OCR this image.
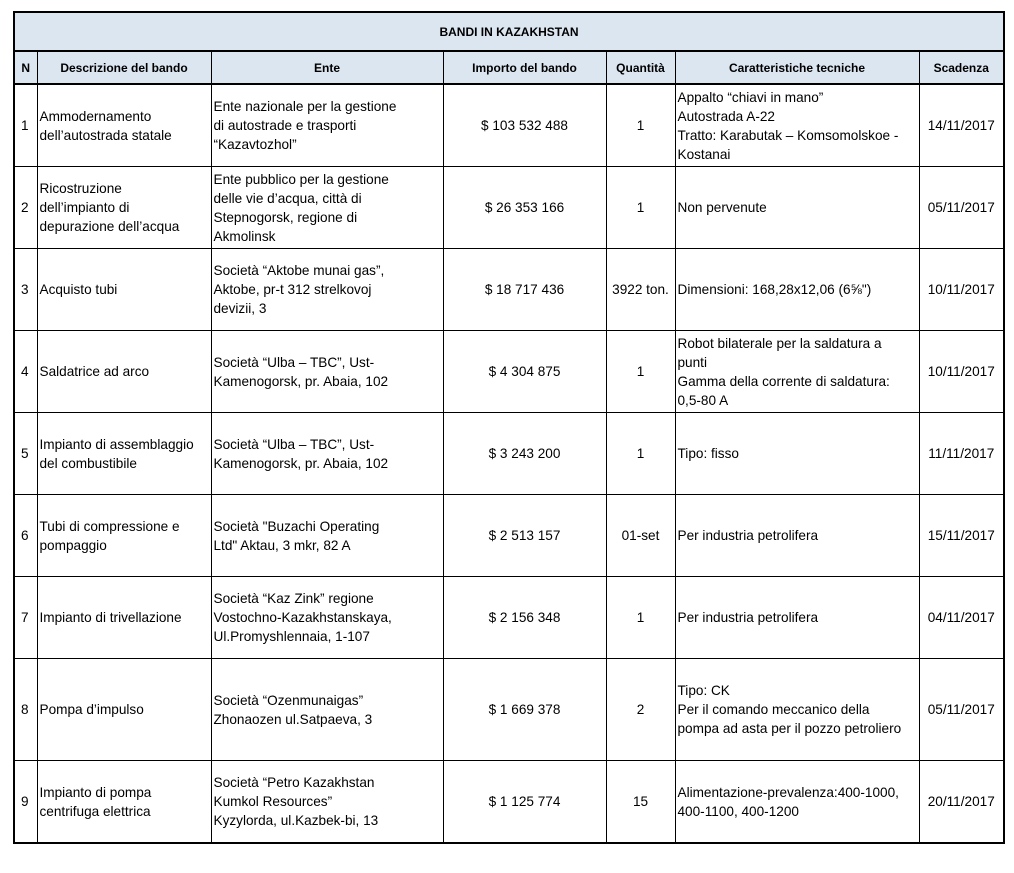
BANDI IN KAZAKHSTAN						
N	Descrizione del bando	Ente	Importo del bando	Quantità	Caratteristiche tecniche	Scadenza
1	Ammodernamento
dell’autostrada statale	Ente nazionale per la gestione
di autostrade e trasporti
“Kazavtozhol”	$ 103 532 488	1	Appalto “chiavi in mano”
Autostrada A-22
Tratto: Karabutak – Komsomolskoe -
Kostanai	14/11/2017
2	Ricostruzione
dell’impianto di
depurazione dell’acqua	Ente pubblico per la gestione
delle vie d’acqua, città di
Stepnogorsk, regione di
Akmolinsk	$ 26 353 166	1	Non pervenute	05/11/2017
3	Acquisto tubi	Società “Aktobe munai gas”,
Aktobe, pr-t 312 strelkovoj
devizii, 3	$ 18 717 436	3922 ton.	Dimensioni: 168,28x12,06 (6⅝")	10/11/2017
4	Saldatrice ad arco	Società “Ulba – TBC”, Ust-
Kamenogorsk, pr. Abaia, 102	$ 4 304 875	1	Robot bilaterale per la saldatura a
punti
Gamma della corrente di saldatura:
0,5-80 A	10/11/2017
5	Impianto di assemblaggio
del combustibile	Società “Ulba – TBC”, Ust-
Kamenogorsk, pr. Abaia, 102	$ 3 243 200	1	Tipo: fisso	11/11/2017
6	Tubi di compressione e
pompaggio	Società "Buzachi Operating
Ltd" Aktau, 3 mkr, 82 A	$ 2 513 157	01-set	Per industria petrolifera	15/11/2017
7	Impianto di trivellazione	Società “Kaz Zink” regione
Vostochno-Kazakhstanskaya,
Ul.Promyshlennaia, 1-107	$ 2 156 348	1	Per industria petrolifera	04/11/2017
8	Pompa d’impulso	Società “Ozenmunaigas”
Zhonaozen ul.Satpaeva, 3	$ 1 669 378	2	Tipo: CK
Per il comando meccanico della
pompa ad asta per il pozzo petroliero	05/11/2017
9	Impianto di pompa
centrifuga elettrica	Società “Petro Kazakhstan
Kumkol Resources”
Kyzylorda, ul.Kazbek-bi, 13	$ 1 125 774	15	Alimentazione-prevalenza:400-1000,
400-1100, 400-1200	20/11/2017
